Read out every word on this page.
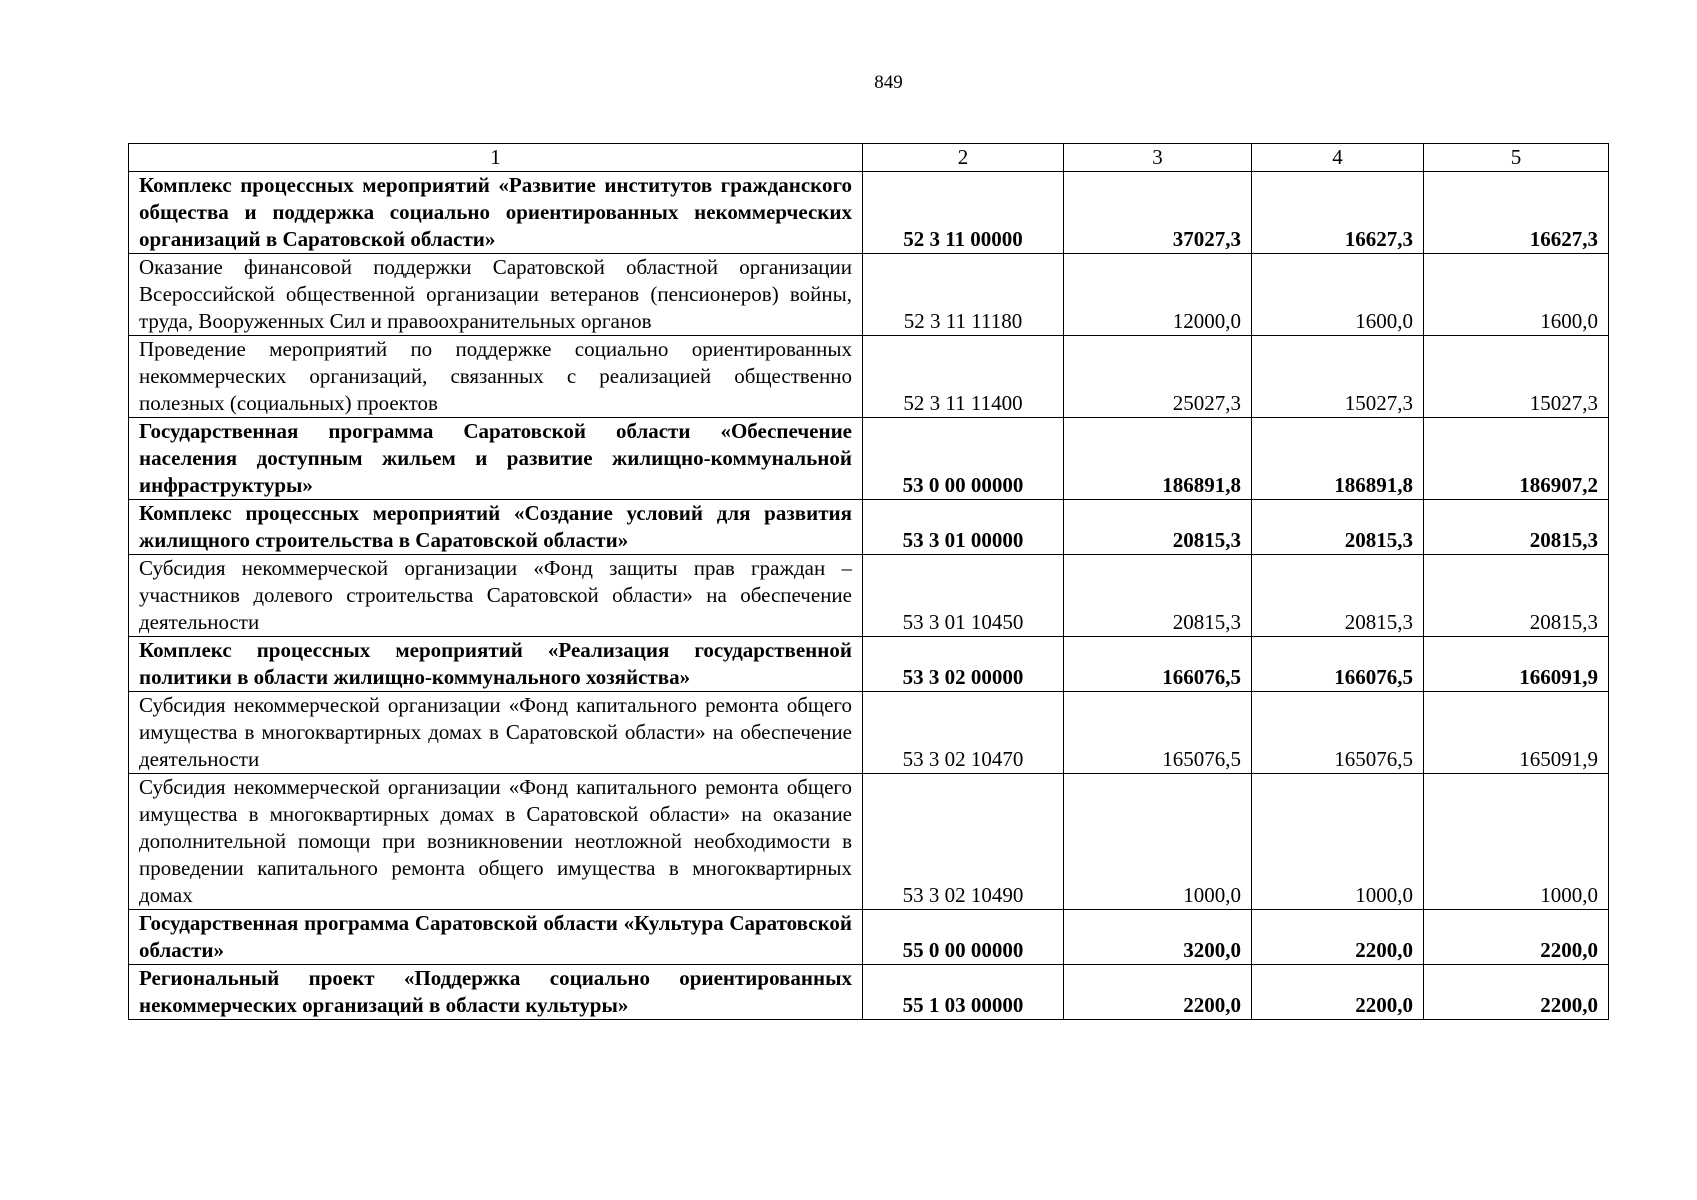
849
1	2	3	4	5
Комплекс процессных мероприятий «Развитие институтов гражданского общества и поддержка социально ориентированных некоммерческих организаций в Саратовской области»	52 3 11 00000	37027,3	16627,3	16627,3
Оказание финансовой поддержки Саратовской областной организации Всероссийской общественной организации ветеранов (пенсионеров) войны, труда, Вооруженных Сил и правоохранительных органов	52 3 11 11180	12000,0	1600,0	1600,0
Проведение мероприятий по поддержке социально ориентированных некоммерческих организаций, связанных с реализацией общественно полезных (социальных) проектов	52 3 11 11400	25027,3	15027,3	15027,3
Государственная программа Саратовской области «Обеспечение населения доступным жильем и развитие жилищно-коммунальной инфраструктуры»	53 0 00 00000	186891,8	186891,8	186907,2
Комплекс процессных мероприятий «Создание условий для развития жилищного строительства в Саратовской области»	53 3 01 00000	20815,3	20815,3	20815,3
Субсидия некоммерческой организации «Фонд защиты прав граждан – участников долевого строительства Саратовской области» на обеспечение деятельности	53 3 01 10450	20815,3	20815,3	20815,3
Комплекс процессных мероприятий «Реализация государственной политики в области жилищно-коммунального хозяйства»	53 3 02 00000	166076,5	166076,5	166091,9
Субсидия некоммерческой организации «Фонд капитального ремонта общего имущества в многоквартирных домах в Саратовской области» на обеспечение деятельности	53 3 02 10470	165076,5	165076,5	165091,9
Субсидия некоммерческой организации «Фонд капитального ремонта общего имущества в многоквартирных домах в Саратовской области» на оказание дополнительной помощи при возникновении неотложной необходимости в проведении капитального ремонта общего имущества в многоквартирных домах	53 3 02 10490	1000,0	1000,0	1000,0
Государственная программа Саратовской области «Культура Саратовской области»	55 0 00 00000	3200,0	2200,0	2200,0
Региональный проект «Поддержка социально ориентированных некоммерческих организаций в области культуры»	55 1 03 00000	2200,0	2200,0	2200,0
